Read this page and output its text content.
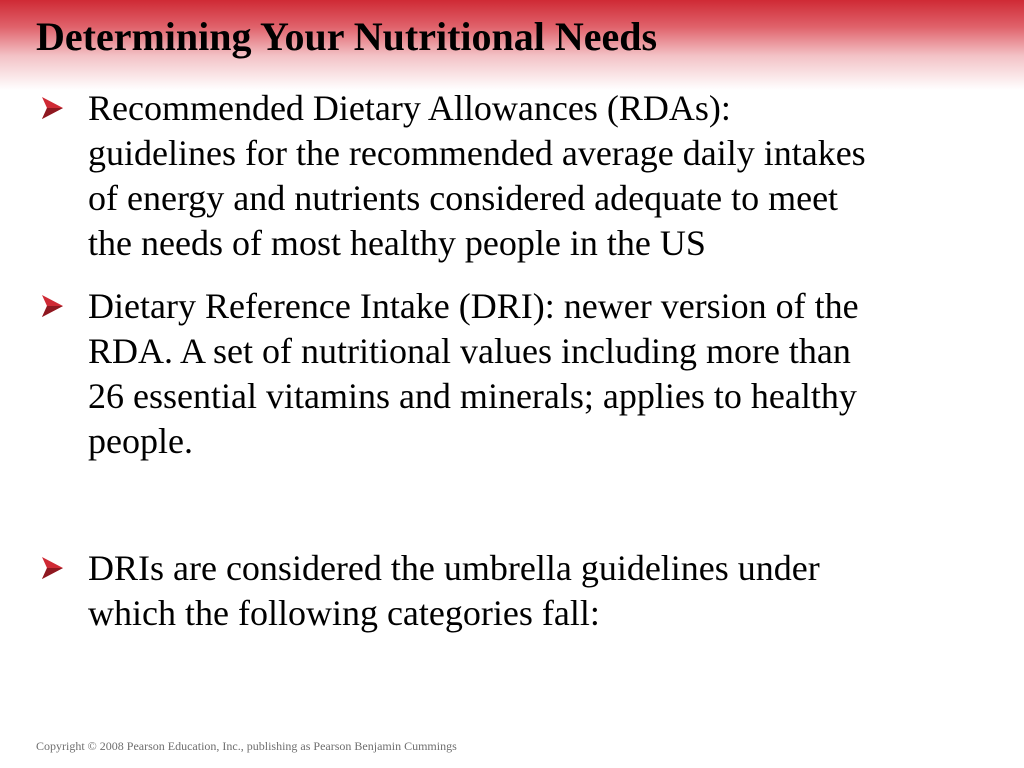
Determining Your Nutritional Needs

Recommended Dietary Allowances (RDAs):
guidelines for the recommended average daily intakes
of energy and nutrients considered adequate to meet
the needs of most healthy people in the US

Dietary Reference Intake (DRI): newer version of the
RDA. A set of nutritional values including more than
26 essential vitamins and minerals; applies to healthy
people.

DRIs are considered the umbrella guidelines under
which the following categories fall:

Copyright © 2008 Pearson Education, Inc., publishing as Pearson Benjamin Cummings
